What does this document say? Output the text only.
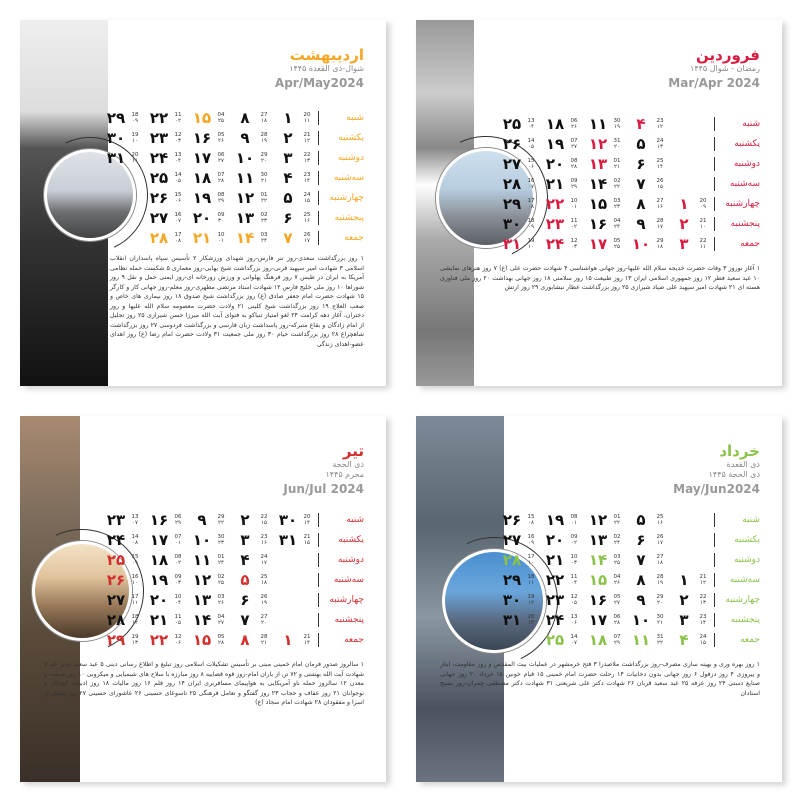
اردیبهشت
شوال-ذی القعدة ۱۴۴۵
Apr/May2024
شنبه
20
۱۱
۱
27
۱۸
۸
04
۲۵
۱۵
11
۰۲
۲۲
18
۰۹
۲۹
یکشنبه
21
۱۲
۲
28
۱۹
۹
05
۲۶
۱۶
12
۰۳
۲۳
19
۱۰
۳۰
دوشنبه
22
۱۳
۳
29
۲۰
۱۰
06
۲۷
۱۷
13
۰۴
۲۴
20
۱۱
۳۱
سه‌شنبه
23
۱۴
۴
30
۲۱
۱۱
07
۲۸
۱۸
14
۰۵
۲۵
چهارشنبه
24
۱۵
۵
01
۲۲
۱۲
08
۲۹
۱۹
15
۰۶
۲۶
پنجشنبه
25
۱۶
۶
02
۲۳
۱۳
09
۳۰
۲۰
16
۰۷
۲۷
جمعه
26
۱۷
۷
03
۲۴
۱۴
10
۰۱
۲۱
17
۰۸
۲۸
۱ روز بزرگداشت سعدی-روز تنر فارس-روز شهدای ورزشکار ۲ تأسیس سپاه پاسداران انقلاب اسلامی ۳ شهادت امیر سپهبد قرنی-روز بزرگداشت شیخ بهایی-روز معماری ۵ شکست حمله نظامی آمریکا به ایران در طبس ۷ روز فرهنگ پهلوانی و ورزش زورخانه ای-روز ایمنی حمل و نقل ۹ روز شوراها ۱۰ روز ملی خلیج فارس ۱۲ شهادت استاد مرتضی مطهری-روز معلم-روز جهانی کار و کارگر ۱۵ شهادت حضرت امام جعفر صادق (ع) روز بزرگداشت شیخ صدوق ۱۸ روز بیماری های خاص و صعب العلاج ۱۹ روز بزرگداشت شیخ کلینی ۲۱ ولادت حضرت معصومه سلام الله علیها و روز دختران، آغاز دهه کرامت ۲۴ لغو امتیاز تنباکو به فتوای آیت الله میرزا حسن شیرازی ۲۵ روز تجلیل از امام زادگان و بقاع متبرکه-روز پاسداشت زبان فارسی و بزرگداشت فردوسی ۲۷ روز بزرگداشت شاهچراغ ۲۸ روز بزرگداشت خیام ۳۰ روز ملی جمعیت ۳۱ ولادت حضرت امام رضا (ع) روز اهدای عضو-اهدای زندگی
فروردین
رمضان - شوال ۱۴۴۵
Mar/Apr 2024
شنبه
23
۱۲
۴
30
۱۹
۱۱
06
۲۶
۱۸
13
۰۴
۲۵
یکشنبه
24
۱۳
۵
31
۲۰
۱۲
07
۲۷
۱۹
14
۰۵
۲۶
دوشنبه
25
۱۴
۶
01
۲۱
۱۳
08
۲۸
۲۰
15
۰۶
۲۷
سه‌شنبه
26
۱۵
۷
02
۲۲
۱۴
09
۲۹
۲۱
16
۰۷
۲۸
چهارشنبه
20
۰۹
۱
27
۱۶
۸
03
۲۳
۱۵
10
۰۱
۲۲
17
۰۸
۲۹
پنجشنبه
21
۱۰
۲
28
۱۷
۹
04
۲۴
۱۶
11
۰۲
۲۳
18
۰۹
۳۰
جمعه
22
۱۱
۳
29
۱۸
۱۰
05
۲۵
۱۷
12
۰۳
۲۴
19
۱۰
۳۱
۱ آغاز نوروز ۳ وفات حضرت خدیجه سلام الله علیها-روز جهانی هواشناسی ۴ شهادت حضرت علی (ع) ۷ روز هنرهای نمایشی ۱۰ عید سعید فطر ۱۲ روز جمهوری اسلامی ایران ۱۳ روز طبیعت ۱۵ روز سلامتی ۱۸ روز جهانی بهداشت ۲۰ روز ملی فناوری هسته ای ۲۱ شهادت امیر سپهبد علی صیاد شیرازی ۲۵ روز بزرگداشت عطار نیشابوری ۲۹ روز ارتش
تیر
ذی الحجة
محرم ۱۴۴۵
Jun/Jul 2024
شنبه
20
۱۴
۳۰
22
۱۵
۲
29
۲۲
۹
06
۲۹
۱۶
13
۰۷
۲۳
یکشنبه
21
۱۵
۳۱
23
۱۶
۳
30
۲۳
۱۰
07
۰۱
۱۷
14
۰۸
۲۴
دوشنبه
24
۱۷
۴
01
۲۴
۱۱
08
۰۲
۱۸
15
۰۹
۲۵
سه‌شنبه
25
۱۸
۵
02
۲۵
۱۲
09
۰۳
۱۹
16
۱۰
۲۶
چهارشنبه
26
۱۹
۶
03
۲۶
۱۳
10
۰۴
۲۰
17
۱۱
۲۷
پنجشنبه
27
۲۰
۷
04
۲۷
۱۴
11
۰۵
۲۱
18
۱۲
۲۸
جمعه
21
۱۴
۱
28
۲۱
۸
05
۲۸
۱۵
12
۰۶
۲۲
19
۱۳
۲۹
۱ سالروز صدور فرمان امام خمینی مبنی بر تأسیس تشکیلات اسلامی روز تبلیغ و اطلاع رسانی دینی ۵ عید سعید غدیر خم ۷ شهادت آیت الله بهشتی و ۷۲ تن از یاران امام-روز قوه قضاییه ۸ روز مبارزه با سلاح های شیمیایی و میکروبی ۱۰ روز صنعت و معدن ۱۲ سالروز حمله ناو آمریکایی به هواپیمای مسافربری ایران ۱۴ روز قلم ۱۶ روز مالیات ۱۸ روز ادبیات کودکان و نوجوانان ۲۱ روز عفاف و حجاب ۲۳ روز گفتگو و تعامل فرهنگی ۲۵ تاسوعای حسینی ۲۶ عاشورای حسینی ۲۷ روز تجلیل از اسرا و مفقودان ۲۸ شهادت امام سجاد (ع)
خرداد
ذی القعدة
ذی الحجة ۱۴۴۵
May/Jun2024
شنبه
25
۱۶
۵
01
۲۲
۱۲
08
۰۱
۱۹
15
۰۸
۲۶
یکشنبه
26
۱۷
۶
02
۲۴
۱۳
09
۰۲
۲۰
16
۰۹
۲۷
دوشنبه
27
۱۸
۷
03
۲۵
۱۴
10
۰۳
۲۱
17
۱۰
۲۸
سه‌شنبه
21
۱۲
۱
28
۱۹
۸
04
۲۶
۱۵
11
۰۴
۲۲
18
۱۱
۲۹
چهارشنبه
22
۱۳
۲
29
۲۰
۹
05
۲۷
۱۶
12
۰۵
۲۳
19
۱۲
۳۰
پنجشنبه
23
۱۴
۳
30
۲۱
۱۰
06
۲۸
۱۷
13
۰۶
۲۴
20
۱۳
۳۱
جمعه
24
۱۵
۴
31
۲۲
۱۱
07
۲۹
۱۸
14
۰۷
۲۵
۱ روز بهره وری و بهینه سازی مصرف-روز بزرگداشت ملاصدرا ۳ فتح خرمشهر در عملیات بیت المقدس و روز مقاومت، ایثار و پیروزی ۴ روز دزفول ۶ روز جهانی بدون دخانیات ۱۴ رحلت حضرت امام خمینی ۱۵ قیام خونین ۱۵ خرداد ۲۰ روز جهانی صنایع دستی ۲۴ روز عرفه ۲۵ عید سعید قربان ۲۶ شهادت دکتر علی شریعتی ۳۱ شهادت دکتر مصطفی چمران-روز بسیج استادان
